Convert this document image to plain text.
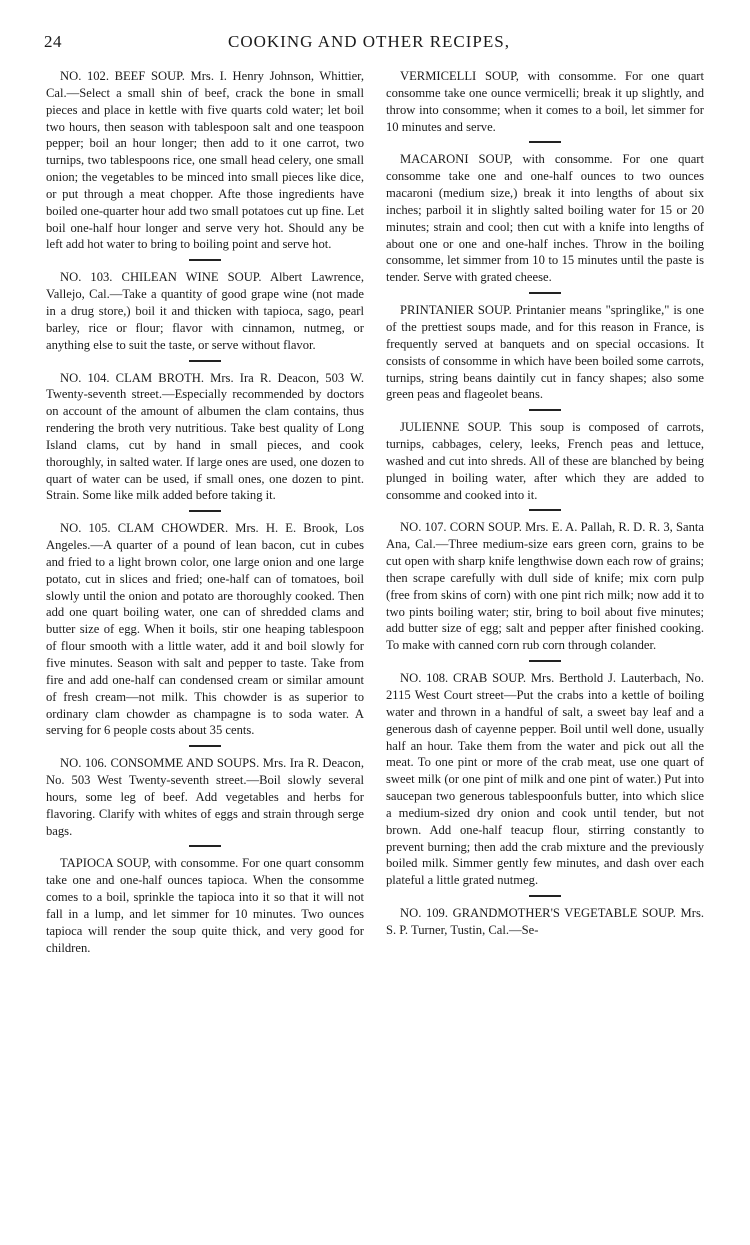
24	COOKING AND OTHER RECIPES,

NO. 102. BEEF SOUP. Mrs. I. Henry Johnson, Whittier, Cal.—Select a small shin of beef, crack the bone in small pieces and place in kettle with five quarts cold water; let boil two hours, then season with tablespoon salt and one teaspoon pepper; boil an hour longer; then add to it one carrot, two turnips, two tablespoons rice, one small head celery, one small onion; the vegetables to be minced into small pieces like dice, or put through a meat chopper. Afte those ingredients have boiled one-quarter hour add two small potatoes cut up fine. Let boil one-half hour longer and serve very hot. Should any be left add hot water to bring to boiling point and serve hot.

NO. 103. CHILEAN WINE SOUP. Albert Lawrence, Vallejo, Cal.—Take a quantity of good grape wine (not made in a drug store,) boil it and thicken with tapioca, sago, pearl barley, rice or flour; flavor with cinnamon, nutmeg, or anything else to suit the taste, or serve without flavor.

NO. 104. CLAM BROTH. Mrs. Ira R. Deacon, 503 W. Twenty-seventh street.—Especially recommended by doctors on account of the amount of albumen the clam contains, thus rendering the broth very nutritious. Take best quality of Long Island clams, cut by hand in small pieces, and cook thoroughly, in salted water. If large ones are used, one dozen to quart of water can be used, if small ones, one dozen to pint. Strain. Some like milk added before taking it.

NO. 105. CLAM CHOWDER. Mrs. H. E. Brook, Los Angeles.—A quarter of a pound of lean bacon, cut in cubes and fried to a light brown color, one large onion and one large potato, cut in slices and fried; one-half can of tomatoes, boil slowly until the onion and potato are thoroughly cooked. Then add one quart boiling water, one can of shredded clams and butter size of egg. When it boils, stir one heaping tablespoon of flour smooth with a little water, add it and boil slowly for five minutes. Season with salt and pepper to taste. Take from fire and add one-half can condensed cream or similar amount of fresh cream—not milk. This chowder is as superior to ordinary clam chowder as champagne is to soda water. A serving for 6 people costs about 35 cents.

NO. 106. CONSOMME AND SOUPS. Mrs. Ira R. Deacon, No. 503 West Twenty-seventh street.—Boil slowly several hours, some leg of beef. Add vegetables and herbs for flavoring. Clarify with whites of eggs and strain through serge bags.

TAPIOCA SOUP, with consomme. For one quart consomm take one and one-half ounces tapioca. When the consomme comes to a boil, sprinkle the tapioca into it so that it will not fall in a lump, and let simmer for 10 minutes. Two ounces tapioca will render the soup quite thick, and very good for children.

VERMICELLI SOUP, with consomme. For one quart consomme take one ounce vermicelli; break it up slightly, and throw into consomme; when it comes to a boil, let simmer for 10 minutes and serve.

MACARONI SOUP, with consomme. For one quart consomme take one and one-half ounces to two ounces macaroni (medium size,) break it into lengths of about six inches; parboil it in slightly salted boiling water for 15 or 20 minutes; strain and cool; then cut with a knife into lengths of about one or one and one-half inches. Throw in the boiling consomme, let simmer from 10 to 15 minutes until the paste is tender. Serve with grated cheese.

PRINTANIER SOUP. Printanier means "springlike," is one of the prettiest soups made, and for this reason in France, is frequently served at banquets and on special occasions. It consists of consomme in which have been boiled some carrots, turnips, string beans daintily cut in fancy shapes; also some green peas and flageolet beans.

JULIENNE SOUP. This soup is composed of carrots, turnips, cabbages, celery, leeks, French peas and lettuce, washed and cut into shreds. All of these are blanched by being plunged in boiling water, after which they are added to consomme and cooked into it.

NO. 107. CORN SOUP. Mrs. E. A. Pallah, R. D. R. 3, Santa Ana, Cal.—Three medium-size ears green corn, grains to be cut open with sharp knife lengthwise down each row of grains; then scrape carefully with dull side of knife; mix corn pulp (free from skins of corn) with one pint rich milk; now add it to two pints boiling water; stir, bring to boil about five minutes; add butter size of egg; salt and pepper after finished cooking. To make with canned corn rub corn through colander.

NO. 108. CRAB SOUP. Mrs. Berthold J. Lauterbach, No. 2115 West Court street—Put the crabs into a kettle of boiling water and thrown in a handful of salt, a sweet bay leaf and a generous dash of cayenne pepper. Boil until well done, usually half an hour. Take them from the water and pick out all the meat. To one pint or more of the crab meat, use one quart of sweet milk (or one pint of milk and one pint of water.) Put into saucepan two generous tablespoonfuls butter, into which slice a medium-sized dry onion and cook until tender, but not brown. Add one-half teacup flour, stirring constantly to prevent burning; then add the crab mixture and the previously boiled milk. Simmer gently few minutes, and dash over each plateful a little grated nutmeg.

NO. 109. GRANDMOTHER'S VEGETABLE SOUP. Mrs. S. P. Turner, Tustin, Cal.—Se-
